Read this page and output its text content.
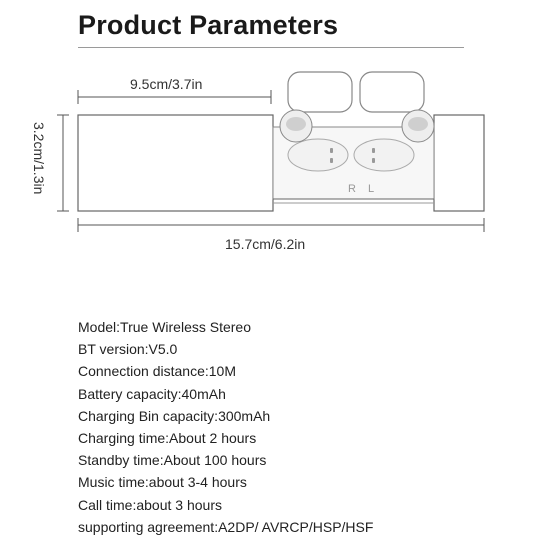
Product Parameters
9.5cm/3.7in
3.2cm/1.3in
15.7cm/6.2in
R L
Model:True Wireless Stereo
BT version:V5.0
Connection distance:10M
Battery capacity:40mAh
Charging Bin capacity:300mAh
Charging time:About 2 hours
Standby time:About 100 hours
Music time:about 3-4 hours
Call time:about 3 hours
supporting agreement:A2DP/ AVRCP/HSP/HSF
